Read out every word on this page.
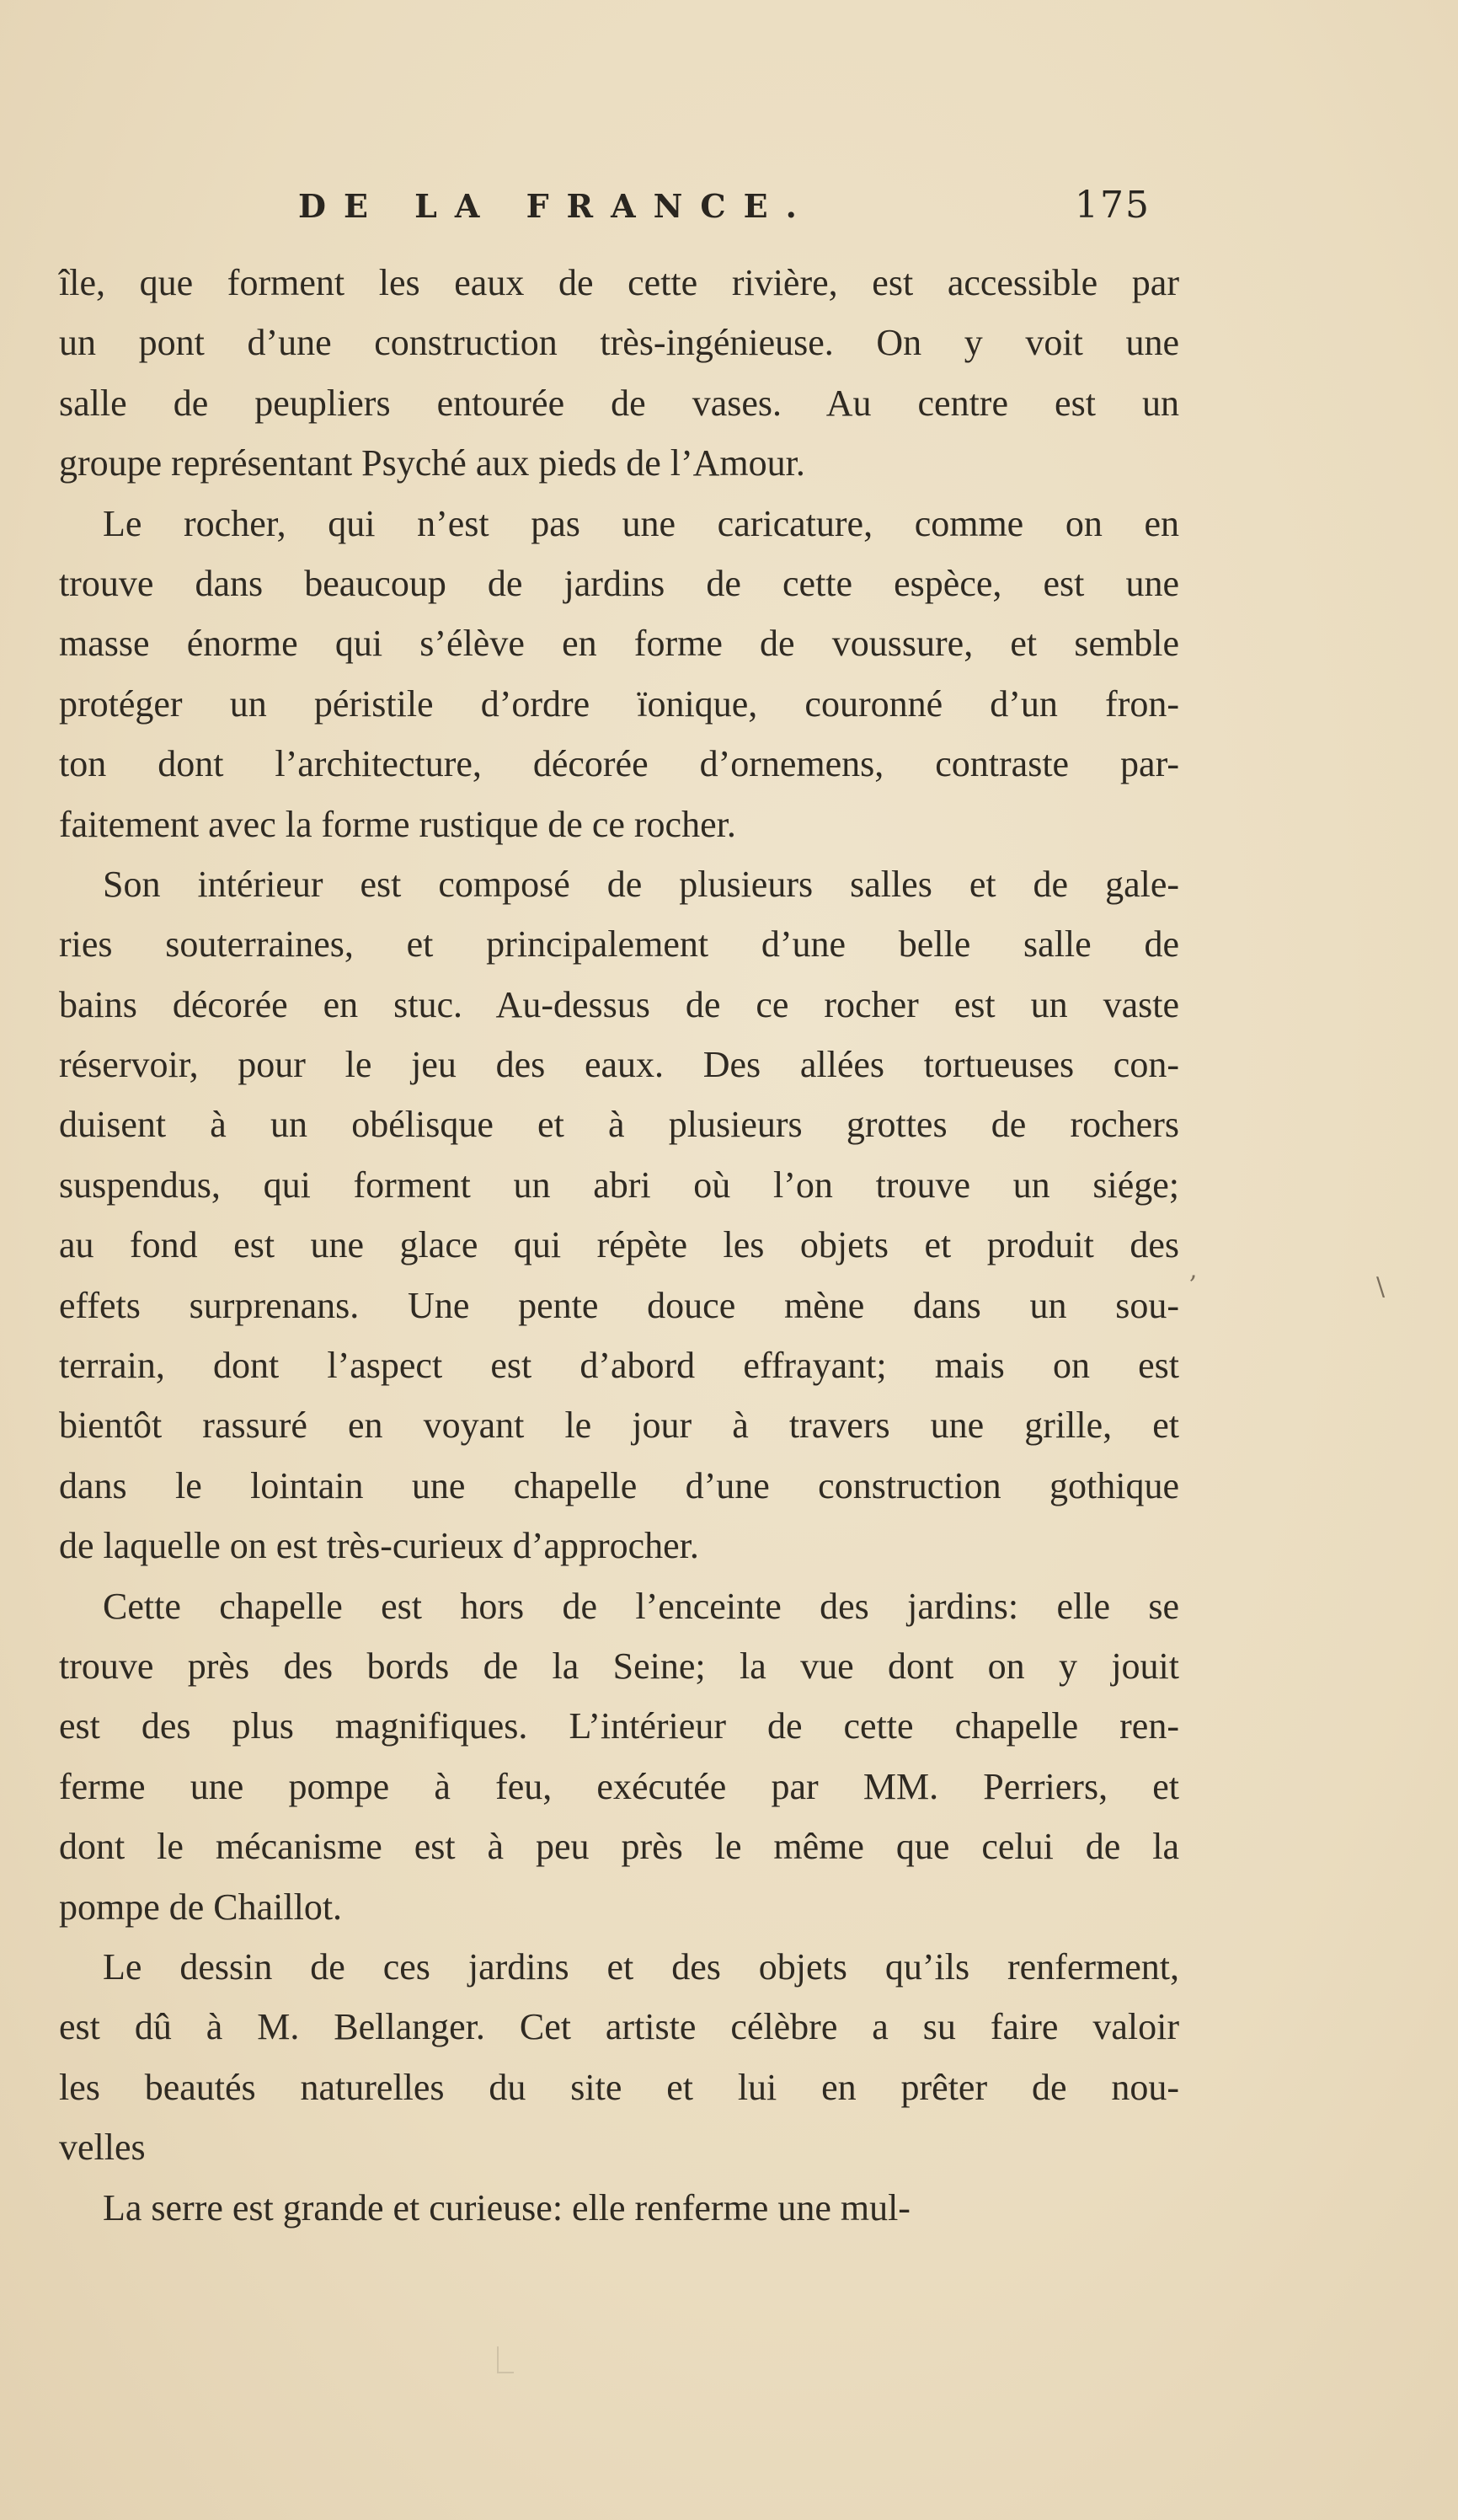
DE LA FRANCE.	175
île, que forment les eaux de cette rivière, est accessible par
un pont d’une construction très-ingénieuse. On y voit une
salle de peupliers entourée de vases. Au centre est un
groupe représentant Psyché aux pieds de l’Amour.
Le rocher, qui n’est pas une caricature, comme on en
trouve dans beaucoup de jardins de cette espèce, est une
masse énorme qui s’élève en forme de voussure, et semble
protéger un péristile d’ordre ïonique, couronné d’un fron-
ton dont l’architecture, décorée d’ornemens, contraste par-
faitement avec la forme rustique de ce rocher.
Son intérieur est composé de plusieurs salles et de gale-
ries souterraines, et principalement d’une belle salle de
bains décorée en stuc. Au-dessus de ce rocher est un vaste
réservoir, pour le jeu des eaux. Des allées tortueuses con-
duisent à un obélisque et à plusieurs grottes de rochers
suspendus, qui forment un abri où l’on trouve un siége;
au fond est une glace qui répète les objets et produit des
effets surprenans. Une pente douce mène dans un sou-
terrain, dont l’aspect est d’abord effrayant; mais on est
bientôt rassuré en voyant le jour à travers une grille, et
dans le lointain une chapelle d’une construction gothique
de laquelle on est très-curieux d’approcher.
Cette chapelle est hors de l’enceinte des jardins: elle se
trouve près des bords de la Seine; la vue dont on y jouit
est des plus magnifiques. L’intérieur de cette chapelle ren-
ferme une pompe à feu, exécutée par MM. Perriers, et
dont le mécanisme est à peu près le même que celui de la
pompe de Chaillot.
Le dessin de ces jardins et des objets qu’ils renferment,
est dû à M. Bellanger. Cet artiste célèbre a su faire valoir
les beautés naturelles du site et lui en prêter de nou-
velles
La serre est grande et curieuse: elle renferme une mul-
,
\
